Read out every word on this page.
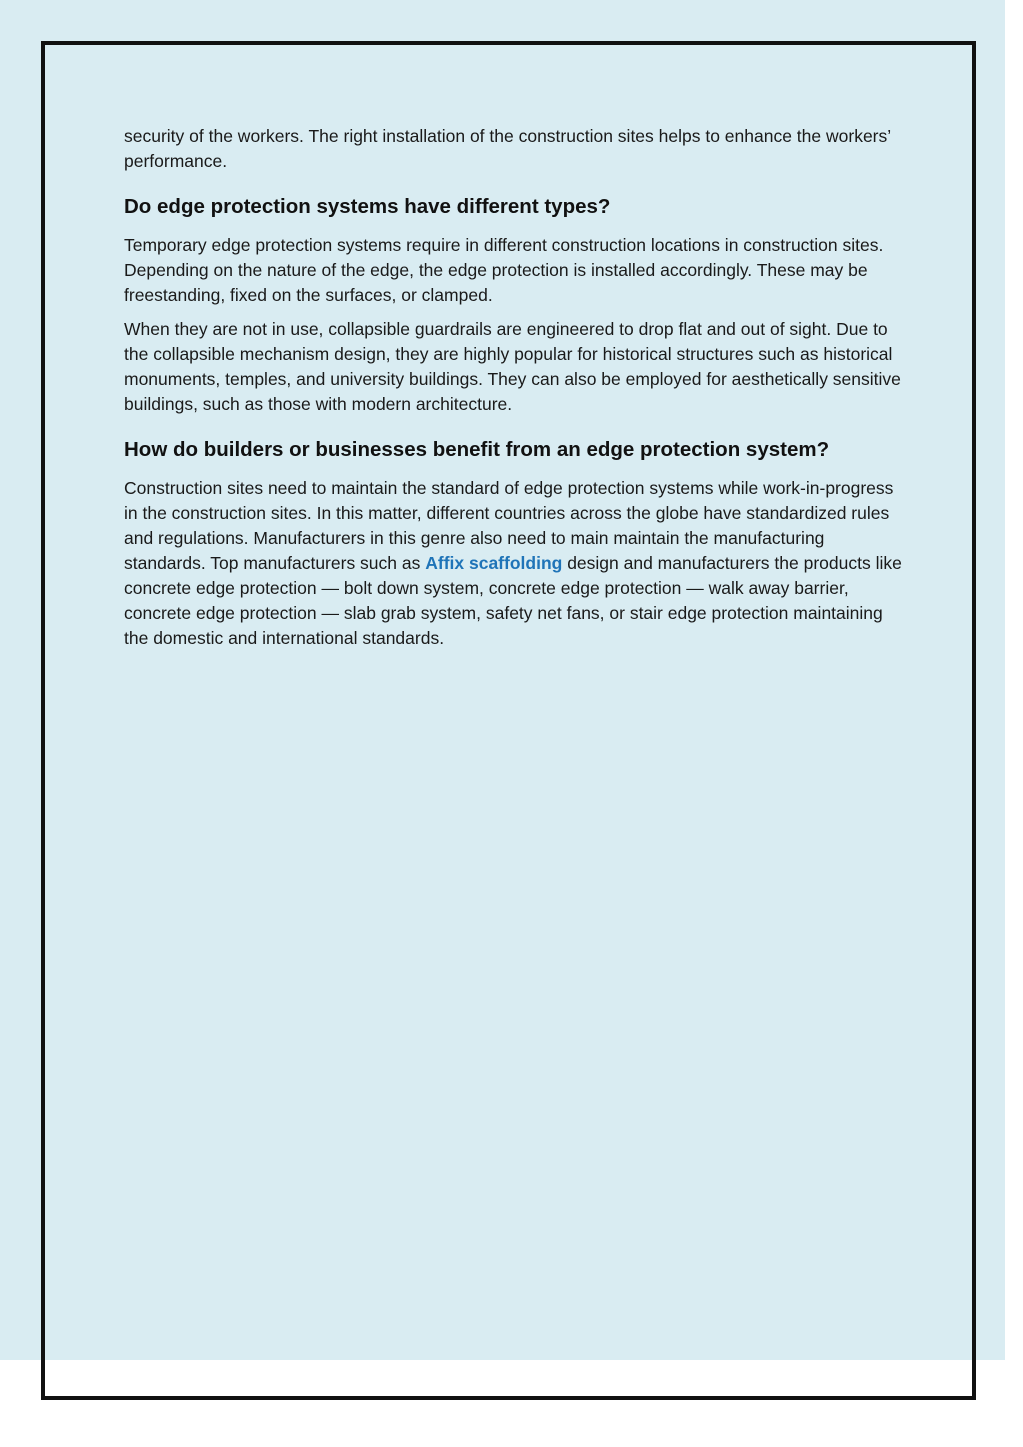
security of the workers. The right installation of the construction sites helps to enhance the workers’ performance.

Do edge protection systems have different types?

Temporary edge protection systems require in different construction locations in construction sites. Depending on the nature of the edge, the edge protection is installed accordingly. These may be freestanding, fixed on the surfaces, or clamped.

When they are not in use, collapsible guardrails are engineered to drop flat and out of sight. Due to the collapsible mechanism design, they are highly popular for historical structures such as historical monuments, temples, and university buildings. They can also be employed for aesthetically sensitive buildings, such as those with modern architecture.

How do builders or businesses benefit from an edge protection system?

Construction sites need to maintain the standard of edge protection systems while work-in-progress in the construction sites. In this matter, different countries across the globe have standardized rules and regulations. Manufacturers in this genre also need to main maintain the manufacturing standards. Top manufacturers such as Affix scaffolding design and manufacturers the products like concrete edge protection — bolt down system, concrete edge protection — walk away barrier, concrete edge protection — slab grab system, safety net fans, or stair edge protection maintaining the domestic and international standards.
